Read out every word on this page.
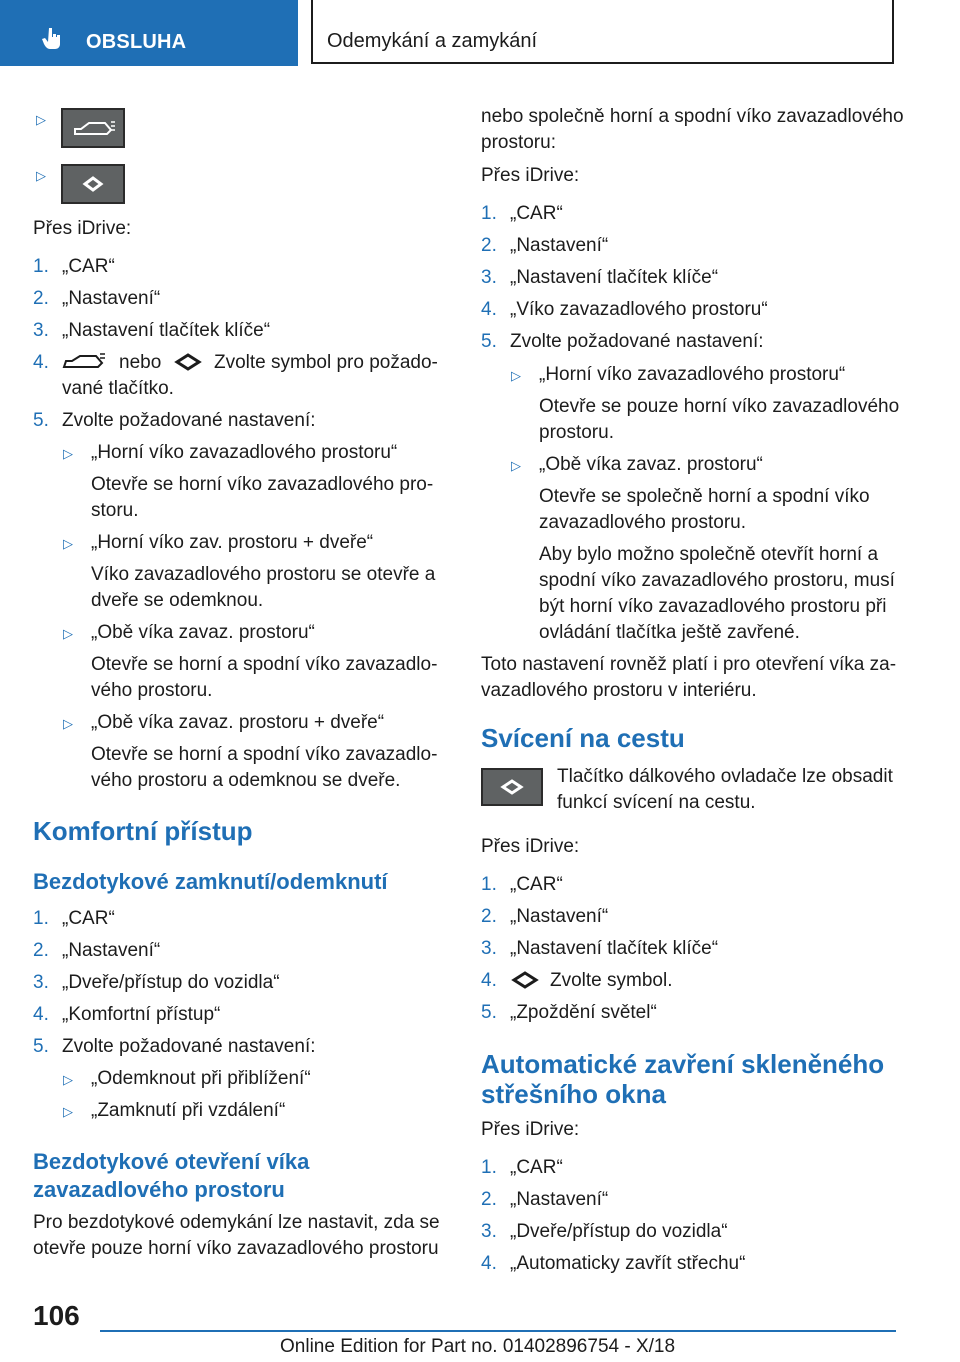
OBSLUHA	Odemykání a zamykání
▷
▷

Přes iDrive:

1. „CAR“

2. „Nastavení“

3. „Nastavení tlačítek klíče“

4.	nebo	Zvolte symbol pro požado-

vané tlačítko.

5. Zvolte požadované nastavení:

▷ „Horní víko zavazadlového prostoru“

Otevře se horní víko zavazadlového pro-

storu.

▷ „Horní víko zav. prostoru + dveře“

Víko zavazadlového prostoru se otevře a

dveře se odemknou.

▷ „Obě víka zavaz. prostoru“

Otevře se horní a spodní víko zavazadlo-

vého prostoru.

▷ „Obě víka zavaz. prostoru + dveře“

Otevře se horní a spodní víko zavazadlo-

vého prostoru a odemknou se dveře.

Komfortní přístup
Bezdotykové zamknutí/odemknutí
1. „CAR“

2. „Nastavení“

3. „Dveře/přístup do vozidla“

4. „Komfortní přístup“

5. Zvolte požadované nastavení:

▷ „Odemknout při přiblížení“

▷ „Zamknutí při vzdálení“

Bezdotykové otevření víka
zavazadlového prostoru

Pro bezdotykové odemykání lze nastavit, zda se

otevře pouze horní víko zavazadlového prostoru

nebo společně horní a spodní víko zavazadlového

prostoru:

Přes iDrive:

1. „CAR“

2. „Nastavení“

3. „Nastavení tlačítek klíče“

4. „Víko zavazadlového prostoru“

5. Zvolte požadované nastavení:

▷ „Horní víko zavazadlového prostoru“

Otevře se pouze horní víko zavazadlového

prostoru.

▷ „Obě víka zavaz. prostoru“

Otevře se společně horní a spodní víko

zavazadlového prostoru.

Aby bylo možno společně otevřít horní a

spodní víko zavazadlového prostoru, musí

být horní víko zavazadlového prostoru při

ovládání tlačítka ještě zavřené.

Toto nastavení rovněž platí i pro otevření víka za-

vazadlového prostoru v interiéru.

Svícení na cestu

Tlačítko dálkového ovladače lze obsadit

funkcí svícení na cestu.

Přes iDrive:

1. „CAR“

2. „Nastavení“

3. „Nastavení tlačítek klíče“

4.	Zvolte symbol.

5. „Zpoždění světel“

Automatické zavření skleněného
střešního okna

Přes iDrive:

1. „CAR“

2. „Nastavení“

3. „Dveře/přístup do vozidla“

4. „Automaticky zavřít střechu“

106
Online Edition for Part no. 01402896754 - X/18
